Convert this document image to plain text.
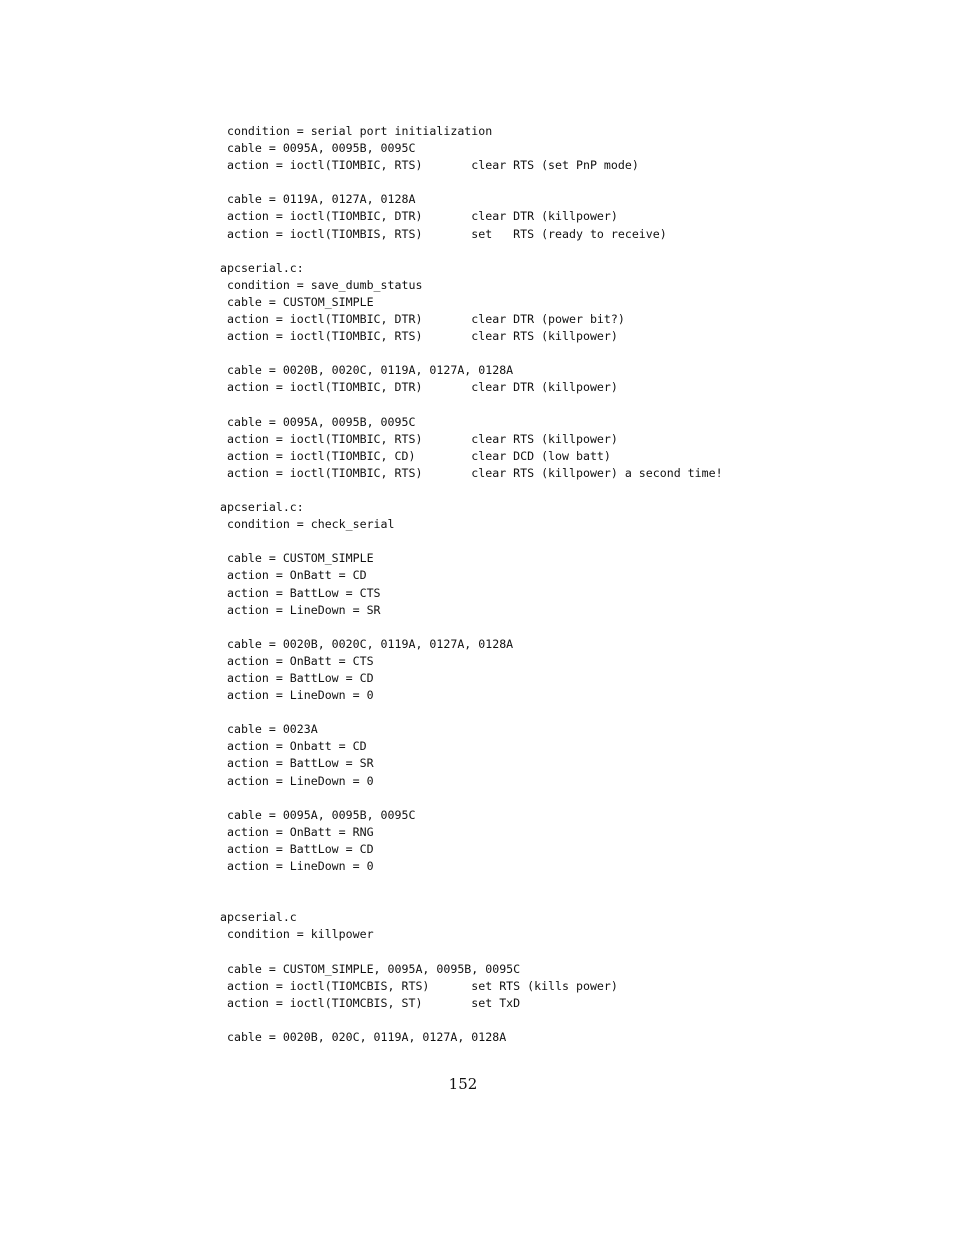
condition = serial port initialization
cable = 0095A, 0095B, 0095C
action = ioctl(TIOMBIC, RTS)       clear RTS (set PnP mode)
cable = 0119A, 0127A, 0128A
action = ioctl(TIOMBIC, DTR)       clear DTR (killpower)
action = ioctl(TIOMBIS, RTS)       set   RTS (ready to receive)
apcserial.c:
condition = save_dumb_status
cable = CUSTOM_SIMPLE
action = ioctl(TIOMBIC, DTR)       clear DTR (power bit?)
action = ioctl(TIOMBIC, RTS)       clear RTS (killpower)
cable = 0020B, 0020C, 0119A, 0127A, 0128A
action = ioctl(TIOMBIC, DTR)       clear DTR (killpower)
cable = 0095A, 0095B, 0095C
action = ioctl(TIOMBIC, RTS)       clear RTS (killpower)
action = ioctl(TIOMBIC, CD)        clear DCD (low batt)
action = ioctl(TIOMBIC, RTS)       clear RTS (killpower) a second time!
apcserial.c:
condition = check_serial
cable = CUSTOM_SIMPLE
action = OnBatt = CD
action = BattLow = CTS
action = LineDown = SR
cable = 0020B, 0020C, 0119A, 0127A, 0128A
action = OnBatt = CTS
action = BattLow = CD
action = LineDown = 0
cable = 0023A
action = Onbatt = CD
action = BattLow = SR
action = LineDown = 0
cable = 0095A, 0095B, 0095C
action = OnBatt = RNG
action = BattLow = CD
action = LineDown = 0
apcserial.c
condition = killpower
cable = CUSTOM_SIMPLE, 0095A, 0095B, 0095C
action = ioctl(TIOMCBIS, RTS)      set RTS (kills power)
action = ioctl(TIOMCBIS, ST)       set TxD
cable = 0020B, 020C, 0119A, 0127A, 0128A
152
